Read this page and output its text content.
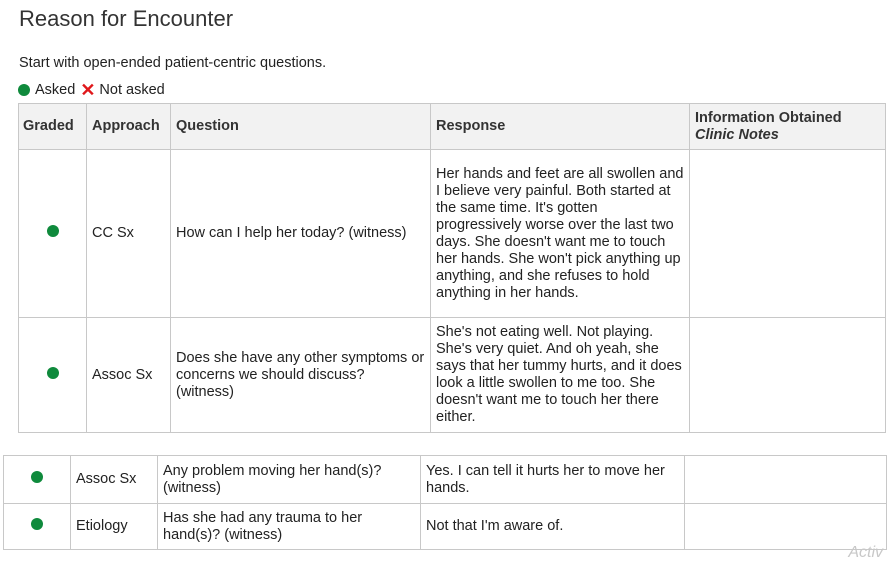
Reason for Encounter
Start with open-ended patient-centric questions.
Asked ✕ Not asked
Graded	Approach	Question	Response	Information Obtained
Clinic Notes

	CC Sx	How can I help her today? (witness)	Her hands and feet are all swollen and I believe very painful. Both started at the same time. It's gotten progressively worse over the last two days. She doesn't want me to touch her hands. She won't pick anything up anything, and she refuses to hold anything in her hands.	
	Assoc Sx	Does she have any other symptoms or concerns we should discuss? (witness)	She's not eating well. Not playing. She's very quiet. And oh yeah, she says that her tummy hurts, and it does look a little swollen to me too. She doesn't want me to touch her there either.	
	Assoc Sx	Any problem moving her hand(s)? (witness)	Yes. I can tell it hurts her to move her hands.	
	Etiology	Has she had any trauma to her hand(s)? (witness)	Not that I'm aware of.	
Activ
